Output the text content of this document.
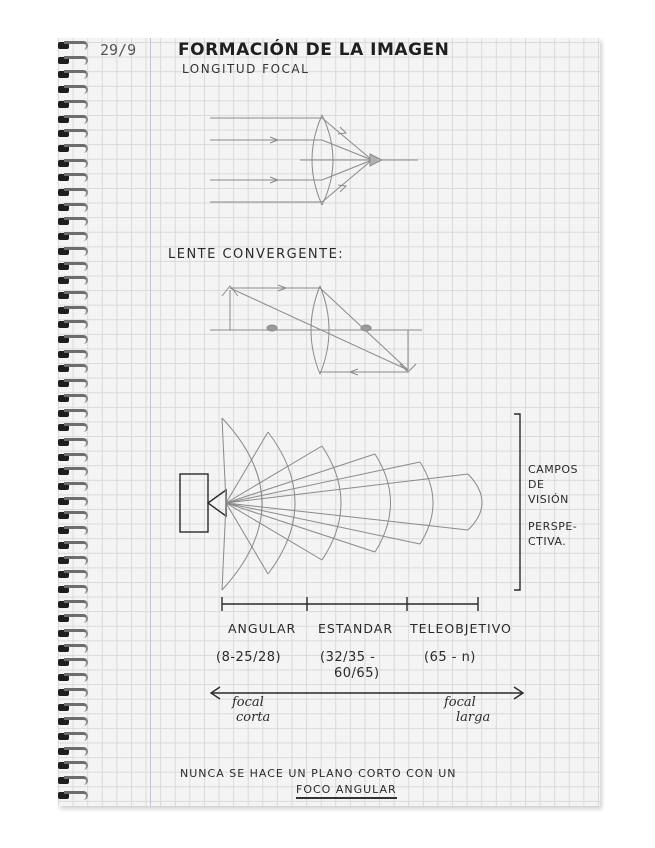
29/9 FORMACIÓN DE LA IMAGEN
LONGITUD FOCAL
LENTE CONVERGENTE:
CAMPOS
DE
VISIÓN
PERSPE-
CTIVA.
ANGULAR ESTANDAR TELEOBJETIVO
(8-25/28)	(32/35 -
60/65)
(65 - n)
focal
corta
focal
larga
NUNCA SE HACE UN PLANO CORTO CON UN
FOCO ANGULAR
